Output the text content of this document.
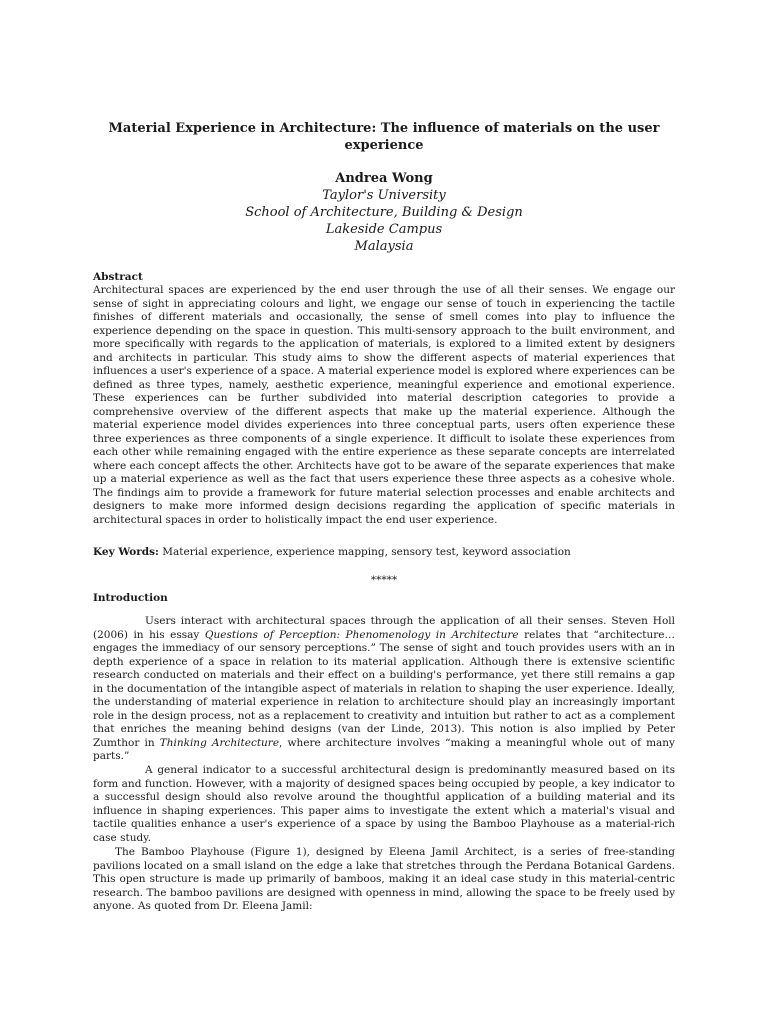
Material Experience in Architecture: The influence of materials on the user experience
Andrea Wong
Taylor's University
School of Architecture, Building & Design
Lakeside Campus
Malaysia
Abstract

Architectural spaces are experienced by the end user through the use of all their senses. We engage our sense of sight in appreciating colours and light, we engage our sense of touch in experiencing the tactile finishes of different materials and occasionally, the sense of smell comes into play to influence the experience depending on the space in question. This multi-sensory approach to the built environment, and more specifically with regards to the application of materials, is explored to a limited extent by designers and architects in particular. This study aims to show the different aspects of material experiences that influences a user's experience of a space. A material experience model is explored where experiences can be defined as three types, namely, aesthetic experience, meaningful experience and emotional experience. These experiences can be further subdivided into material description categories to provide a comprehensive overview of the different aspects that make up the material experience. Although the material experience model divides experiences into three conceptual parts, users often experience these three experiences as three components of a single experience. It difficult to isolate these experiences from each other while remaining engaged with the entire experience as these separate concepts are interrelated where each concept affects the other. Architects have got to be aware of the separate experiences that make up a material experience as well as the fact that users experience these three aspects as a cohesive whole. The findings aim to provide a framework for future material selection processes and enable architects and designers to make more informed design decisions regarding the application of specific materials in architectural spaces in order to holistically impact the end user experience.

Key Words: Material experience, experience mapping, sensory test, keyword association

*****
Introduction

Users interact with architectural spaces through the application of all their senses. Steven Holl (2006) in his essay Questions of Perception: Phenomenology in Architecture relates that “architecture… engages the immediacy of our sensory perceptions.” The sense of sight and touch provides users with an in depth experience of a space in relation to its material application. Although there is extensive scientific research conducted on materials and their effect on a building's performance, yet there still remains a gap in the documentation of the intangible aspect of materials in relation to shaping the user experience. Ideally, the understanding of material experience in relation to architecture should play an increasingly important role in the design process, not as a replacement to creativity and intuition but rather to act as a complement that enriches the meaning behind designs (van der Linde, 2013). This notion is also implied by Peter Zumthor in Thinking Architecture, where architecture involves “making a meaningful whole out of many parts.”

A general indicator to a successful architectural design is predominantly measured based on its form and function. However, with a majority of designed spaces being occupied by people, a key indicator to a successful design should also revolve around the thoughtful application of a building material and its influence in shaping experiences. This paper aims to investigate the extent which a material's visual and tactile qualities enhance a user's experience of a space by using the Bamboo Playhouse as a material-rich case study.

The Bamboo Playhouse (Figure 1), designed by Eleena Jamil Architect, is a series of free-standing pavilions located on a small island on the edge a lake that stretches through the Perdana Botanical Gardens. This open structure is made up primarily of bamboos, making it an ideal case study in this material-centric research. The bamboo pavilions are designed with openness in mind, allowing the space to be freely used by anyone. As quoted from Dr. Eleena Jamil:
